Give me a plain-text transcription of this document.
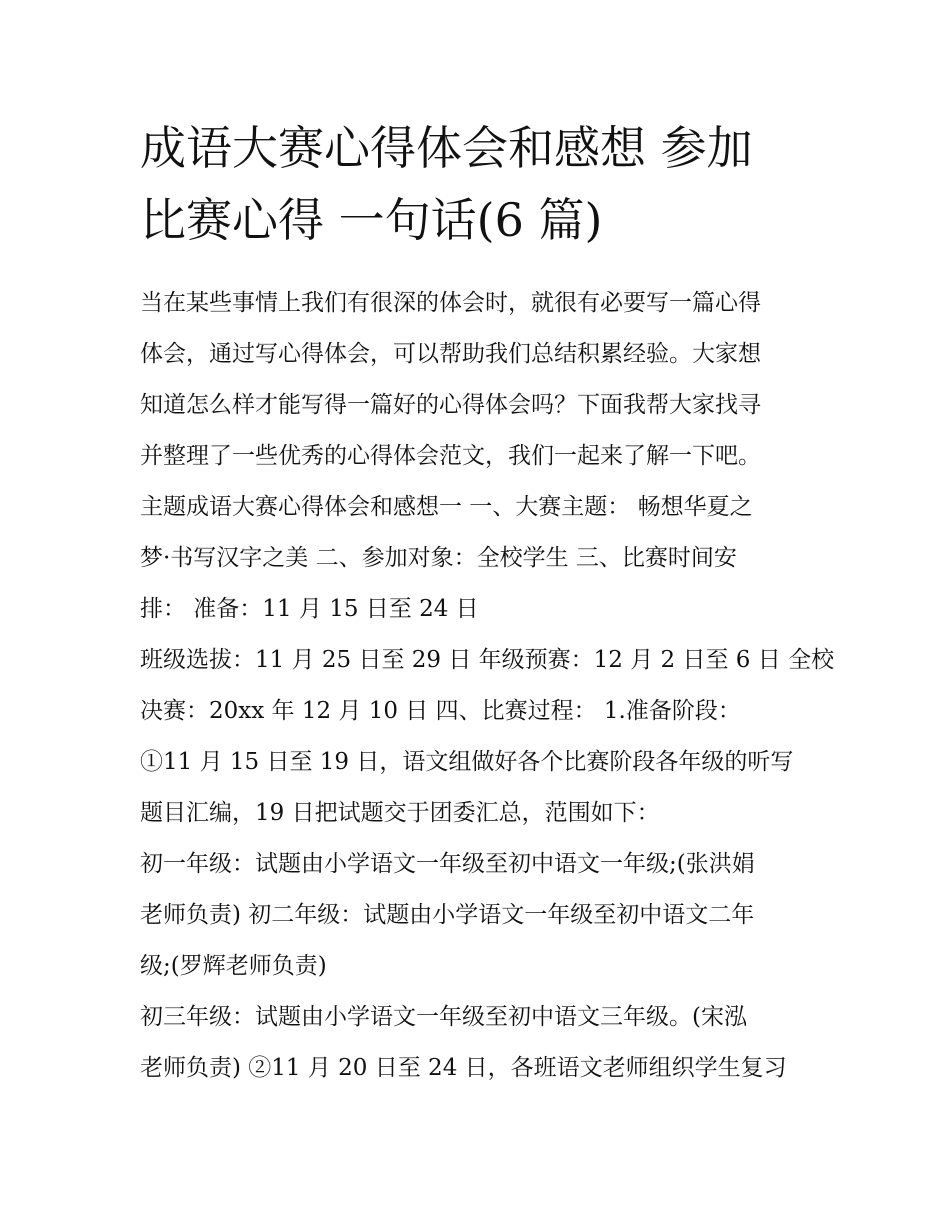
成语大赛心得体会和感想 参加
比赛心得 一句话(6 篇)

当在某些事情上我们有很深的体会时，就很有必要写一篇心得

体会，通过写心得体会，可以帮助我们总结积累经验。大家想

知道怎么样才能写得一篇好的心得体会吗？下面我帮大家找寻

并整理了一些优秀的心得体会范文，我们一起来了解一下吧。

主题成语大赛心得体会和感想一 一、大赛主题： 畅想华夏之

梦·书写汉字之美 二、参加对象：全校学生 三、比赛时间安

排： 准备：11 月 15 日至 24 日

班级选拔：11 月 25 日至 29 日 年级预赛：12 月 2 日至 6 日 全校

决赛：20xx 年 12 月 10 日 四、比赛过程： 1.准备阶段：

①11 月 15 日至 19 日，语文组做好各个比赛阶段各年级的听写

题目汇编，19 日把试题交于团委汇总，范围如下：

初一年级：试题由小学语文一年级至初中语文一年级;(张洪娟

老师负责) 初二年级：试题由小学语文一年级至初中语文二年

级;(罗辉老师负责)

初三年级：试题由小学语文一年级至初中语文三年级。(宋泓

老师负责) ②11 月 20 日至 24 日，各班语文老师组织学生复习
